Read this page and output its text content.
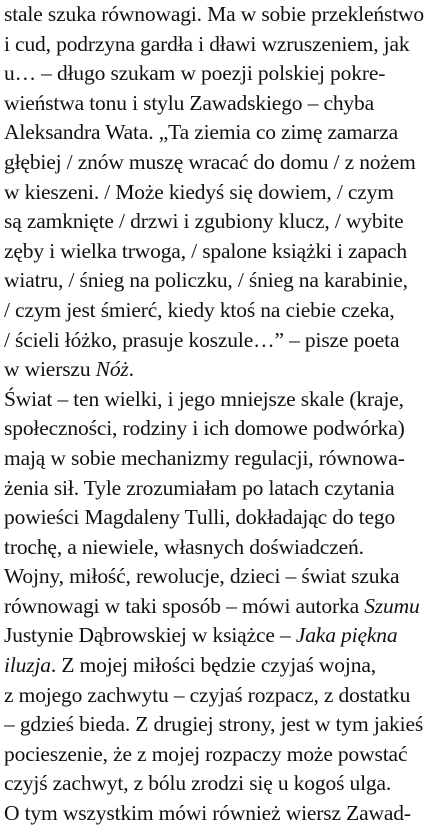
stale szuka równowagi. Ma w sobie przekleństwo
i cud, podrzyna gardła i dławi wzruszeniem, jak
u… – długo szukam w poezji polskiej pokre-
wieństwa tonu i stylu Zawadskiego – chyba
Aleksandra Wata. „Ta ziemia co zimę zamarza
głębiej / znów muszę wracać do domu / z nożem
w kieszeni. / Może kiedyś się dowiem, / czym
są zamknięte / drzwi i zgubiony klucz, / wybite
zęby i wielka trwoga, / spalone książki i zapach
wiatru, / śnieg na policzku, / śnieg na karabinie,
/ czym jest śmierć, kiedy ktoś na ciebie czeka,
/ ścieli łóżko, prasuje koszule…” – pisze poeta
w wierszu Nóż.
Świat – ten wielki, i jego mniejsze skale (kraje,
społeczności, rodziny i ich domowe podwórka)
mają w sobie mechanizmy regulacji, równowa-
żenia sił. Tyle zrozumiałam po latach czytania
powieści Magdaleny Tulli, dokładając do tego
trochę, a niewiele, własnych doświadczeń.
Wojny, miłość, rewolucje, dzieci – świat szuka
równowagi w taki sposób – mówi autorka Szumu
Justynie Dąbrowskiej w książce – Jaka piękna
iluzja. Z mojej miłości będzie czyjaś wojna,
z mojego zachwytu – czyjaś rozpacz, z dostatku
– gdzieś bieda. Z drugiej strony, jest w tym jakieś
pocieszenie, że z mojej rozpaczy może powstać
czyjś zachwyt, z bólu zrodzi się u kogoś ulga.
O tym wszystkim mówi również wiersz Zawad-
